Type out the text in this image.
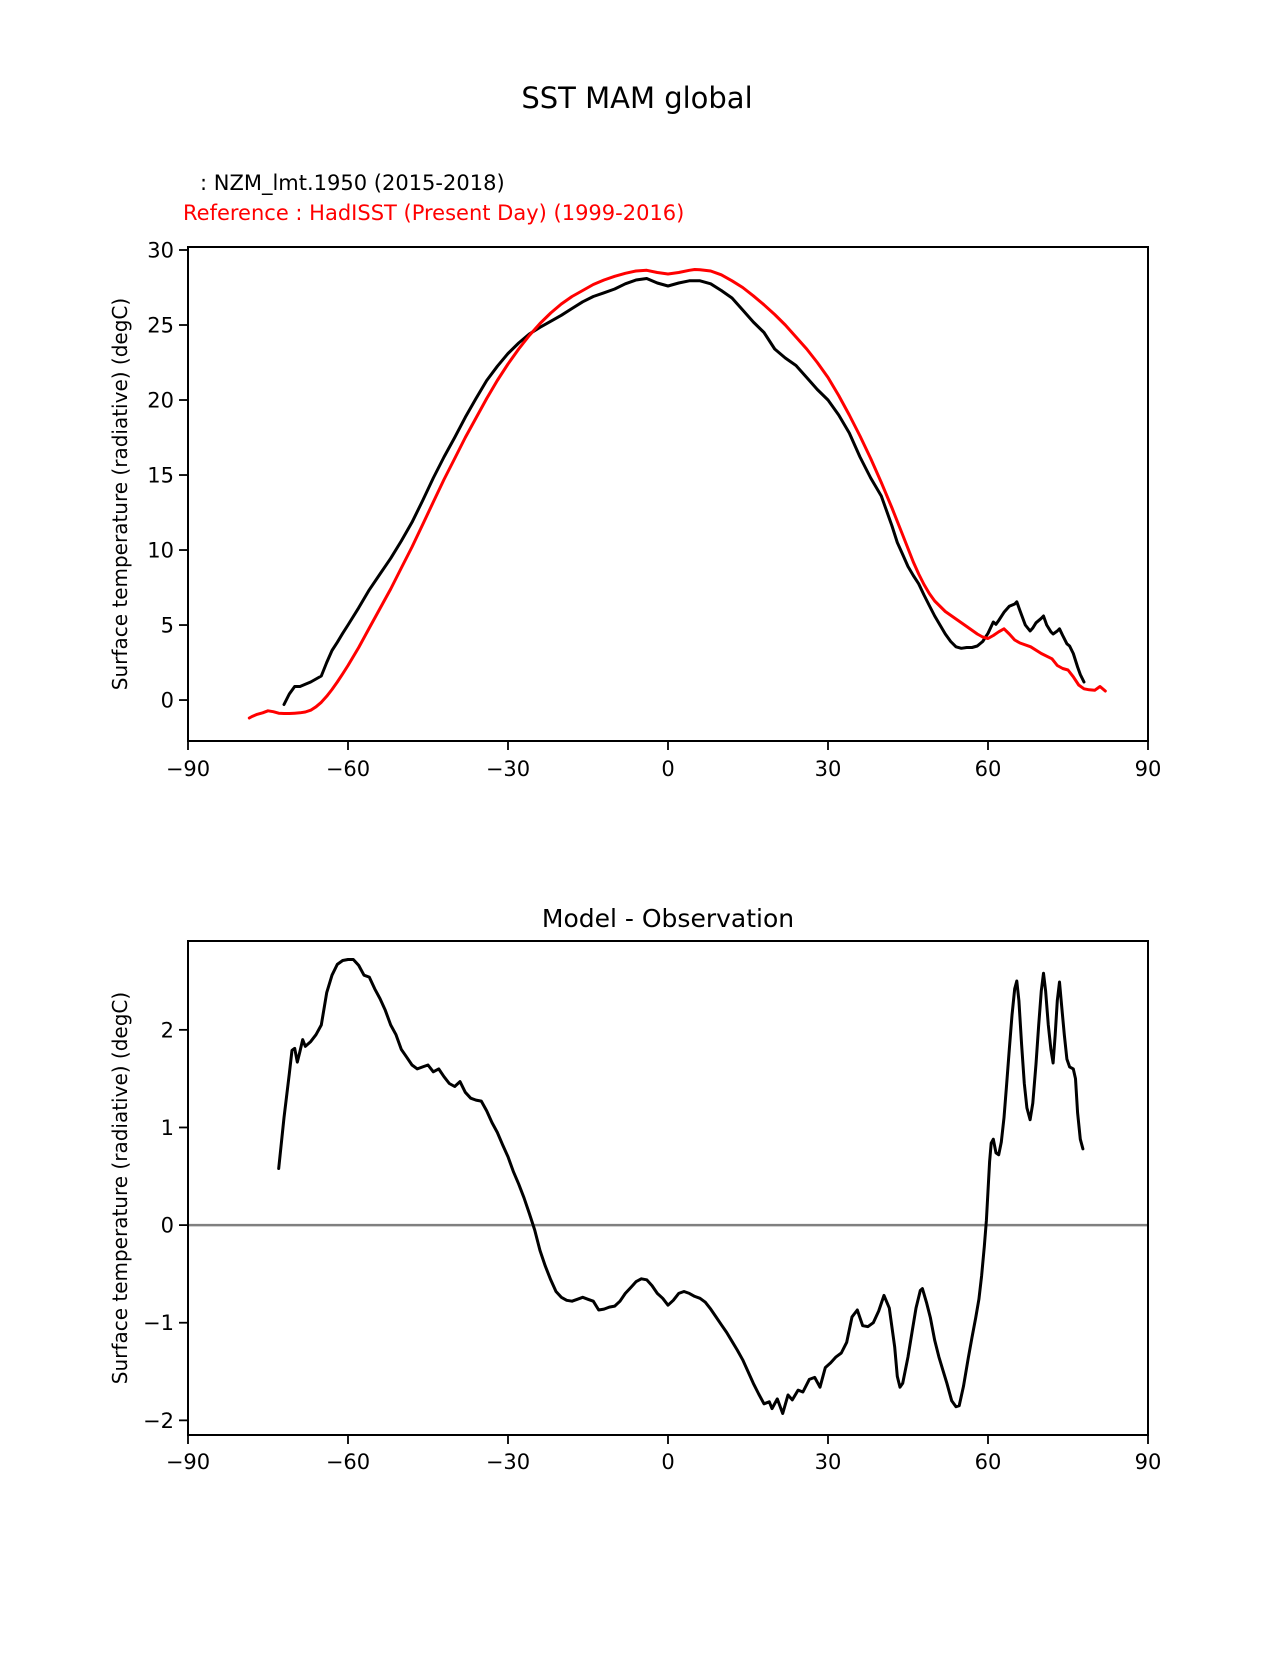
SST MAM global
: NZM_lmt.1950 (2015-2018)
Reference : HadISST (Present Day) (1999-2016)
Surface temperature (radiative) (degC)
Model - Observation
Surface temperature (radiative) (degC)
−90	−60	−30	0	30	60	90
0
5
10
15
20
25
30
−90	−60	−30	0	30	60	90
−2
−1
0
1
2
